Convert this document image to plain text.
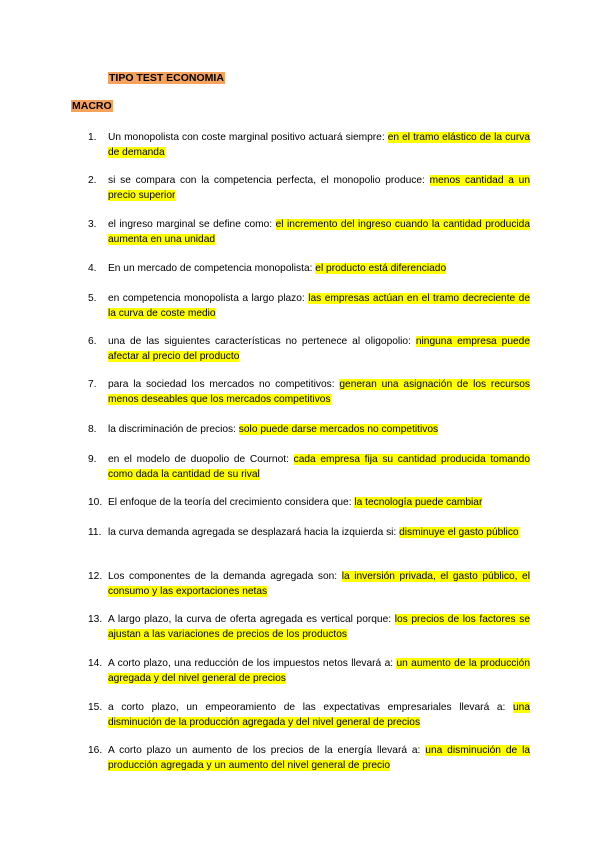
TIPO TEST ECONOMIA
MACRO
1.	Un monopolista con coste marginal positivo actuará siempre: en el tramo elástico de la curva de demanda
2.	si se compara con la competencia perfecta, el monopolio produce: menos cantidad a un precio superior
3.	el ingreso marginal se define como: el incremento del ingreso cuando la cantidad producida aumenta en una unidad
4.	En un mercado de competencia monopolista: el producto está diferenciado
5.	en competencia monopolista a largo plazo: las empresas actúan en el tramo decreciente de la curva de coste medio
6.	una de las siguientes características no pertenece al oligopolio: ninguna empresa puede afectar al precio del producto
7.	para la sociedad los mercados no competitivos: generan una asignación de los recursos menos deseables que los mercados competitivos
8.	la discriminación de precios: solo puede darse mercados no competitivos
9.	en el modelo de duopolio de Cournot: cada empresa fija su cantidad producida tomando como dada la cantidad de su rival
10. El enfoque de la teoría del crecimiento considera que: la tecnología puede cambiar
11. la curva demanda agregada se desplazará hacia la izquierda si: disminuye el gasto público
12. Los componentes de la demanda agregada son: la inversión privada, el gasto público, el consumo y las exportaciones netas
13. A largo plazo, la curva de oferta agregada es vertical porque: los precios de los factores se ajustan a las variaciones de precios de los productos
14. A corto plazo, una reducción de los impuestos netos llevará a: un aumento de la producción agregada y del nivel general de precios
15. a corto plazo, un empeoramiento de las expectativas empresariales llevará a: una disminución de la producción agregada y del nivel general de precios
16. A corto plazo un aumento de los precios de la energía llevará a: una disminución de la producción agregada y un aumento del nivel general de precio
